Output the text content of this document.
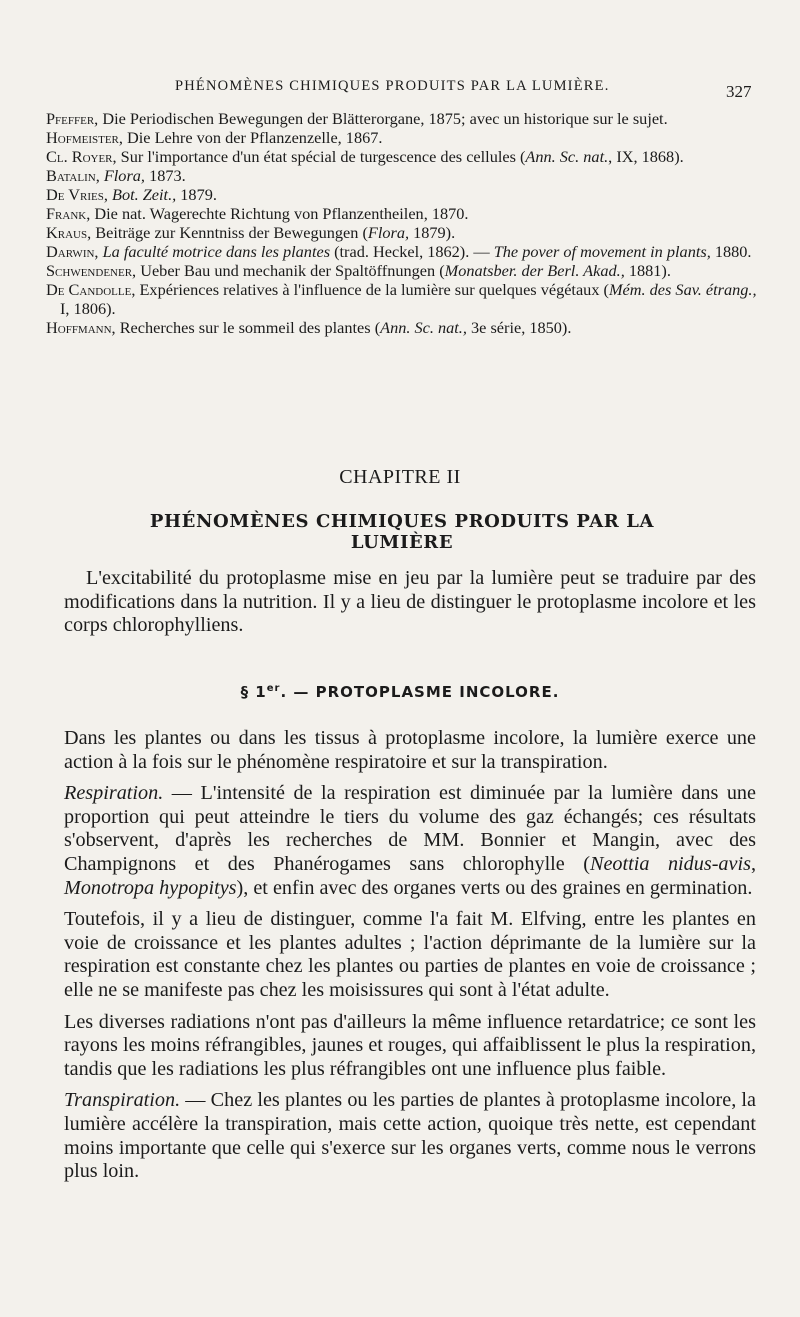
PHÉNOMÈNES CHIMIQUES PRODUITS PAR LA LUMIÈRE.	327

Pfeffer, Die Periodischen Bewegungen der Blätterorgane, 1875; avec un historique sur le sujet.

Hofmeister, Die Lehre von der Pflanzenzelle, 1867.

Cl. Royer, Sur l'importance d'un état spécial de turgescence des cellules (Ann. Sc. nat., IX, 1868).

Batalin, Flora, 1873.

De Vries, Bot. Zeit., 1879.

Frank, Die nat. Wagerechte Richtung von Pflanzentheilen, 1870.

Kraus, Beiträge zur Kenntniss der Bewegungen (Flora, 1879).

Darwin, La faculté motrice dans les plantes (trad. Heckel, 1862). — The pover of movement in plants, 1880.

Schwendener, Ueber Bau und mechanik der Spaltöffnungen (Monatsber. der Berl. Akad., 1881).

De Candolle, Expériences relatives à l'influence de la lumière sur quelques végétaux (Mém. des Sav. étrang., I, 1806).

Hoffmann, Recherches sur le sommeil des plantes (Ann. Sc. nat., 3e série, 1850).

CHAPITRE II
PHÉNOMÈNES CHIMIQUES PRODUITS PAR LA LUMIÈRE

L'excitabilité du protoplasme mise en jeu par la lumière peut se traduire par des modifications dans la nutrition. Il y a lieu de distinguer le protoplasme incolore et les corps chlorophylliens.

§ 1er. — PROTOPLASME INCOLORE.

Dans les plantes ou dans les tissus à protoplasme incolore, la lumière exerce une action à la fois sur le phénomène respiratoire et sur la transpiration.

Respiration. — L'intensité de la respiration est diminuée par la lumière dans une proportion qui peut atteindre le tiers du volume des gaz échangés; ces résultats s'observent, d'après les recherches de MM. Bonnier et Mangin, avec des Champignons et des Phanérogames sans chlorophylle (Neottia nidus-avis, Monotropa hypopitys), et enfin avec des organes verts ou des graines en germination.

Toutefois, il y a lieu de distinguer, comme l'a fait M. Elfving, entre les plantes en voie de croissance et les plantes adultes ; l'action déprimante de la lumière sur la respiration est constante chez les plantes ou parties de plantes en voie de croissance ; elle ne se manifeste pas chez les moisissures qui sont à l'état adulte.

Les diverses radiations n'ont pas d'ailleurs la même influence retardatrice; ce sont les rayons les moins réfrangibles, jaunes et rouges, qui affaiblissent le plus la respiration, tandis que les radiations les plus réfrangibles ont une influence plus faible.

Transpiration. — Chez les plantes ou les parties de plantes à protoplasme incolore, la lumière accélère la transpiration, mais cette action, quoique très nette, est cependant moins importante que celle qui s'exerce sur les organes verts, comme nous le verrons plus loin.
